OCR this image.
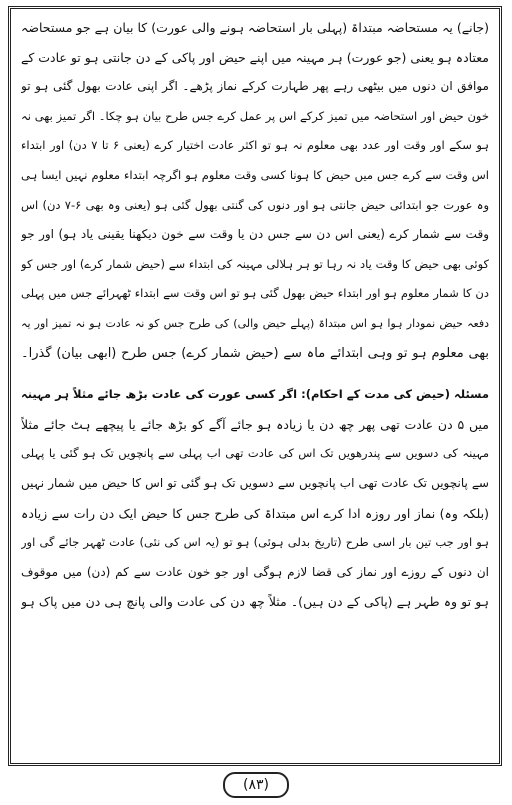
(جانے) یہ مستحاضہ مبتداۃ (پہلی بار استحاضہ ہونے والی عورت) کا بیان ہے جو مستحاضہ
معتادہ ہو یعنی (جو عورت) ہر مہینہ میں اپنے حیض اور پاکی کے دن جانتی ہو تو عادت کے
موافق ان دنوں میں بیٹھی رہے پھر طہارت کرکے نماز پڑھے۔ اگر اپنی عادت بھول گئی ہو تو
خون حیض اور استحاضہ میں تمیز کرکے اس پر عمل کرے جس طرح بیان ہو چکا۔ اگر تمیز بھی نہ
ہو سکے اور وقت اور عدد بھی معلوم نہ ہو تو اکثر عادت اختیار کرے (یعنی ۶ تا ۷ دن) اور ابتداء
اس وقت سے کرے جس میں حیض کا ہونا کسی وقت معلوم ہو اگرچہ ابتداء معلوم نہیں ایسا ہی
وہ عورت جو ابتدائی حیض جانتی ہو اور دنوں کی گنتی بھول گئی ہو (یعنی وہ بھی ۶-۷ دن) اس
وقت سے شمار کرے (یعنی اس دن سے جس دن یا وقت سے خون دیکھنا یقینی یاد ہو) اور جو
کوئی بھی حیض کا وقت یاد نہ رہا تو ہر ہلالی مہینہ کی ابتداء سے (حیض شمار کرے) اور جس کو
دن کا شمار معلوم ہو اور ابتداء حیض بھول گئی ہو تو اس وقت سے ابتداء ٹھہرائے جس میں پہلی
دفعہ حیض نمودار ہوا ہو اس مبتداۃ (پہلے حیض والی) کی طرح جس کو نہ عادت ہو نہ تمیز اور یہ
بھی معلوم ہو تو وہی ابتدائے ماہ سے (حیض شمار کرے) جس طرح (ابھی بیان) گذرا۔
مسئلہ (حیض کی مدت کے احکام): اگر کسی عورت کی عادت بڑھ جائے مثلاً ہر مہینہ
میں ۵ دن عادت تھی پھر چھ دن یا زیادہ ہو جائے آگے کو بڑھ جائے یا پیچھے ہٹ جائے مثلاً
مہینہ کی دسویں سے پندرھویں تک اس کی عادت تھی اب پہلی سے پانچویں تک ہو گئی یا پہلی
سے پانچویں تک عادت تھی اب پانچویں سے دسویں تک ہو گئی تو اس کا حیض میں شمار نہیں
(بلکہ وہ) نماز اور روزہ ادا کرے اس مبتداۃ کی طرح جس کا حیض ایک دن رات سے زیادہ
ہو اور جب تین بار اسی طرح (تاریخ بدلی ہوئی) ہو تو (یہ اس کی نئی) عادت ٹھہر جائے گی اور
ان دنوں کے روزے اور نماز کی قضا لازم ہوگی اور جو خون عادت سے کم (دن) میں موقوف
ہو تو وہ طہر ہے (پاکی کے دن ہیں)۔ مثلاً چھ دن کی عادت والی پانچ ہی دن میں پاک ہو
(۸۳)
